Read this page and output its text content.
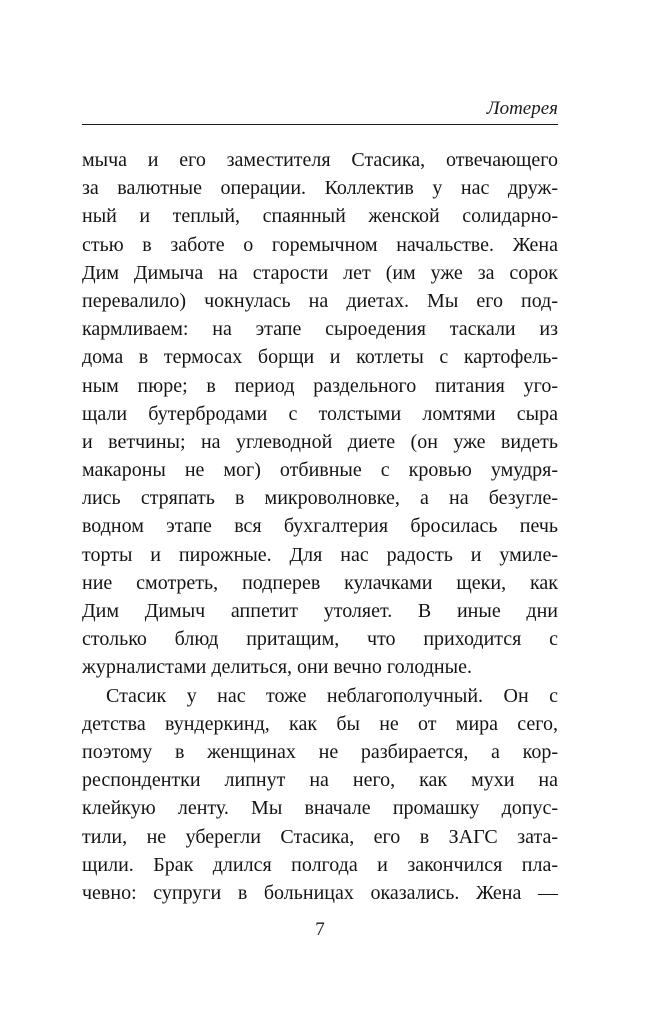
Лотерея
мыча и его заместителя Стасика, отвечающего
за валютные операции. Коллектив у нас друж-
ный и теплый, спаянный женской солидарно-
стью в заботе о горемычном начальстве. Жена
Дим Димыча на старости лет (им уже за сорок
перевалило) чокнулась на диетах. Мы его под-
кармливаем: на этапе сыроедения таскали из
дома в термосах борщи и котлеты с картофель-
ным пюре; в период раздельного питания уго-
щали бутербродами с толстыми ломтями сыра
и ветчины; на углеводной диете (он уже видеть
макароны не мог) отбивные с кровью умудря-
лись стряпать в микроволновке, а на безугле-
водном этапе вся бухгалтерия бросилась печь
торты и пирожные. Для нас радость и умиле-
ние смотреть, подперев кулачками щеки, как
Дим Димыч аппетит утоляет. В иные дни
столько блюд притащим, что приходится с
журналистами делиться, они вечно голодные.
Стасик у нас тоже неблагополучный. Он с
детства вундеркинд, как бы не от мира сего,
поэтому в женщинах не разбирается, а кор-
респондентки липнут на него, как мухи на
клейкую ленту. Мы вначале промашку допус-
тили, не уберегли Стасика, его в ЗАГС зата-
щили. Брак длился полгода и закончился пла-
чевно: супруги в больницах оказались. Жена —
7
